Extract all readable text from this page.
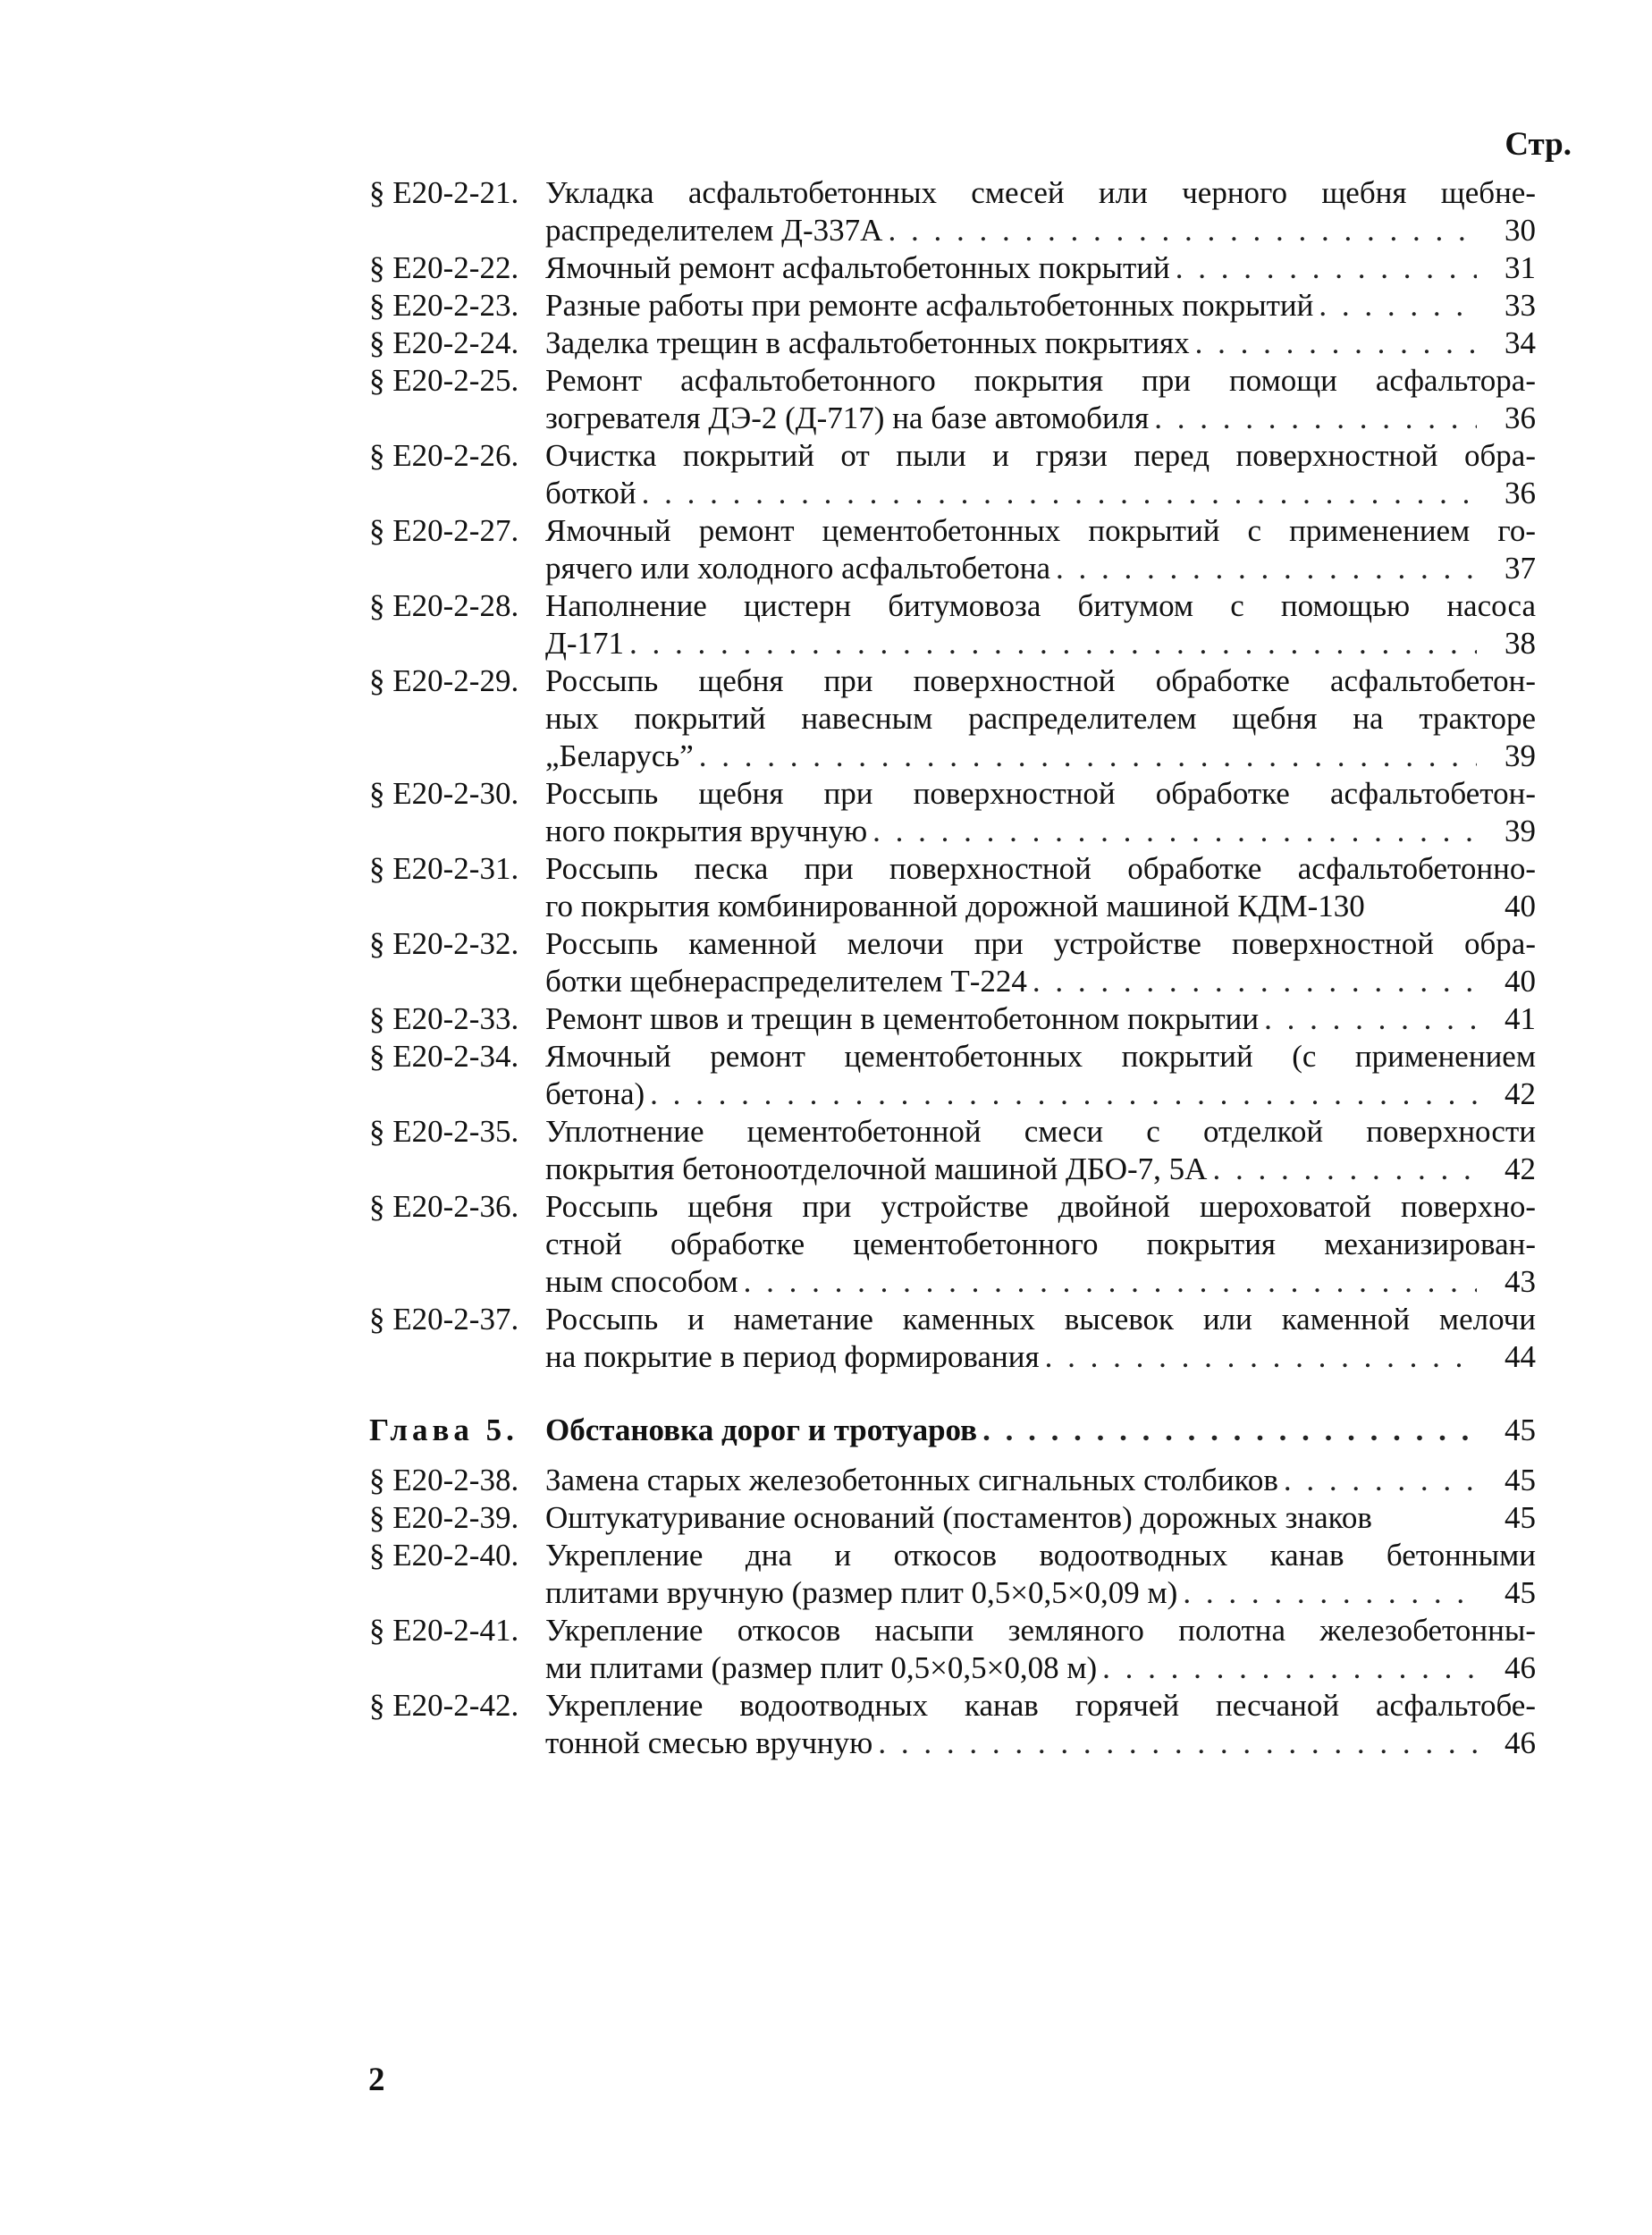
Стр.
§ Е20-2-21. Укладка асфальтобетонных смесей или черного щебня щебне-
распределителем Д-337А . . .	30
§ Е20-2-22. Ямочный ремонт асфальтобетонных покрытий . . .	31
§ Е20-2-23. Разные работы при ремонте асфальтобетонных покрытий . . .	33
§ Е20-2-24. Заделка трещин в асфальтобетонных покрытиях . . .	34
§ Е20-2-25. Ремонт асфальтобетонного покрытия при помощи асфальтора-
зогревателя ДЭ-2 (Д-717) на базе автомобиля . . .	36
§ Е20-2-26. Очистка покрытий от пыли и грязи перед поверхностной обра-
боткой . . .	36
§ Е20-2-27. Ямочный ремонт цементобетонных покрытий с применением го-
рячего или холодного асфальтобетона . . .	37
§ Е20-2-28. Наполнение цистерн битумовоза битумом с помощью насоса
Д-171 . . .	38
§ Е20-2-29. Россыпь щебня при поверхностной обработке асфальтобетон-
ных покрытий навесным распределителем щебня на тракторе
„Беларусь” . . .	39
§ Е20-2-30. Россыпь щебня при поверхностной обработке асфальтобетон-
ного покрытия вручную . . .	39
§ Е20-2-31. Россыпь песка при поверхностной обработке асфальтобетонно-
го покрытия комбинированной дорожной машиной КДМ-130	40
§ Е20-2-32. Россыпь каменной мелочи при устройстве поверхностной обра-
ботки щебнераспределителем Т-224 . . .	40
§ Е20-2-33. Ремонт швов и трещин в цементобетонном покрытии . . .	41
§ Е20-2-34. Ямочный ремонт цементобетонных покрытий (с применением
бетона) . . .	42
§ Е20-2-35. Уплотнение цементобетонной смеси с отделкой поверхности
покрытия бетоноотделочной машиной ДБО-7, 5А . . .	42
§ Е20-2-36. Россыпь щебня при устройстве двойной шероховатой поверхно-
стной обработке цементобетонного покрытия механизирован-
ным способом . . .	43
§ Е20-2-37. Россыпь и наметание каменных высевок или каменной мелочи
на покрытие в период формирования . . .	44
Глава 5. Обстановка дорог и тротуаров . . .	45
§ Е20-2-38. Замена старых железобетонных сигнальных столбиков . . .	45
§ Е20-2-39. Оштукатуривание оснований (постаментов) дорожных знаков	45
§ Е20-2-40. Укрепление дна и откосов водоотводных канав бетонными
плитами вручную (размер плит 0,5×0,5×0,09 м) . . .	45
§ Е20-2-41. Укрепление откосов насыпи земляного полотна железобетонны-
ми плитами (размер плит 0,5×0,5×0,08 м) . . .	46
§ Е20-2-42. Укрепление водоотводных канав горячей песчаной асфальтобе-
тонной смесью вручную . . .	46
2
